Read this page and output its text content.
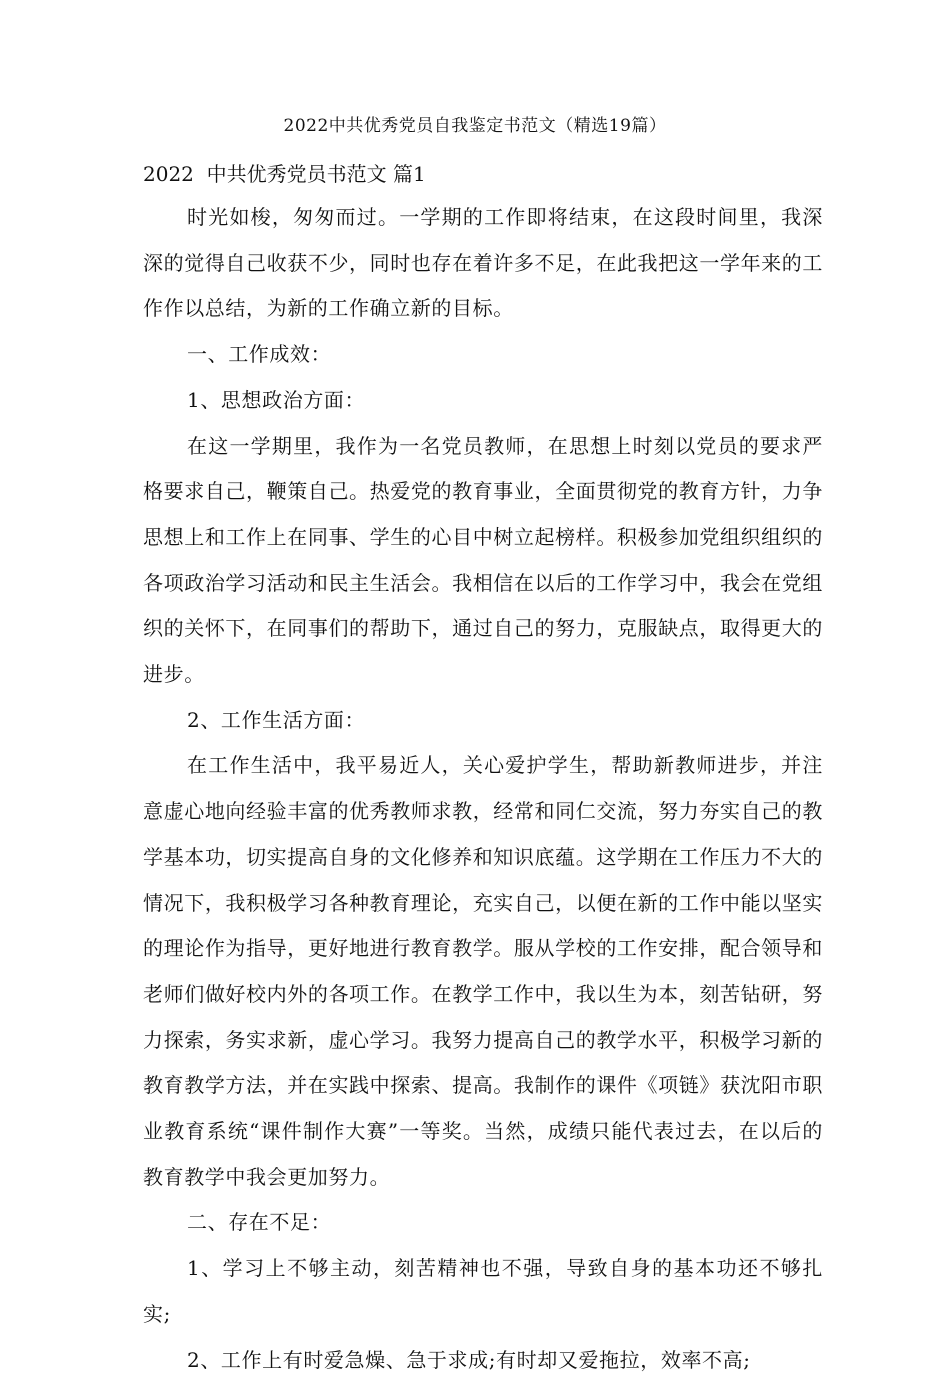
2022中共优秀党员自我鉴定书范文（精选19篇）
2022  中共优秀党员书范文 篇1

时光如梭，匆匆而过。一学期的工作即将结束，在这段时间里，我深深的觉得自己收获不少，同时也存在着许多不足，在此我把这一学年来的工作作以总结，为新的工作确立新的目标。

一、工作成效：

1、思想政治方面：

在这一学期里，我作为一名党员教师，在思想上时刻以党员的要求严格要求自己，鞭策自己。热爱党的教育事业，全面贯彻党的教育方针，力争思想上和工作上在同事、学生的心目中树立起榜样。积极参加党组织组织的各项政治学习活动和民主生活会。我相信在以后的工作学习中，我会在党组织的关怀下，在同事们的帮助下，通过自己的努力，克服缺点，取得更大的进步。

2、工作生活方面：

在工作生活中，我平易近人，关心爱护学生，帮助新教师进步，并注意虚心地向经验丰富的优秀教师求教，经常和同仁交流，努力夯实自己的教学基本功，切实提高自身的文化修养和知识底蕴。这学期在工作压力不大的情况下，我积极学习各种教育理论，充实自己，以便在新的工作中能以坚实的理论作为指导，更好地进行教育教学。服从学校的工作安排，配合领导和老师们做好校内外的各项工作。在教学工作中，我以生为本，刻苦钻研，努力探索，务实求新，虚心学习。我努力提高自己的教学水平，积极学习新的教育教学方法，并在实践中探索、提高。我制作的课件《项链》获沈阳市职业教育系统“课件制作大赛”一等奖。当然，成绩只能代表过去，在以后的教育教学中我会更加努力。

二、存在不足：

1、学习上不够主动，刻苦精神也不强，导致自身的基本功还不够扎实;

2、工作上有时爱急燥、急于求成;有时却又爱拖拉，效率不高;
